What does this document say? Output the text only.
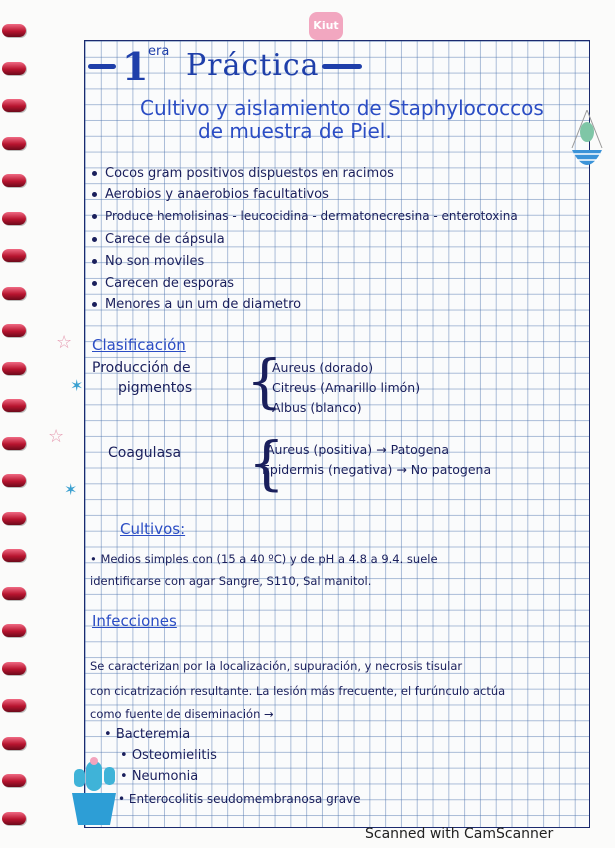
Kiut
1 era Práctica
Cultivo y aislamiento de Staphylococcos
de muestra de Piel.
Cocos gram positivos dispuestos en racimos
Aerobios y anaerobios facultativos
Produce hemolisinas - leucocidina - dermatonecresina - enterotoxina
Carece de cápsula
No son moviles
Carecen de esporas
Menores a un um de diametro
Clasificación
Producción de
pigmentos {
Aureus (dorado)
Citreus (Amarillo limón)
Albus (blanco)
Coagulasa {
Aureus (positiva) → Patogena
Epidermis (negativa) → No patogena
Cultivos:
• Medios simples con (15 a 40 ºC) y de pH a 4.8 a 9.4. suele
identificarse con agar Sangre, S110, Sal manitol.
Infecciones
Se caracterizan por la localización, supuración, y necrosis tisular
con cicatrización resultante. La lesión más frecuente, el furúnculo actúa
como fuente de diseminación →
• Bacteremia
• Osteomielitis
• Neumonia
• Enterocolitis seudomembranosa grave
☆
✶
☆
✶
Scanned with CamScanner
